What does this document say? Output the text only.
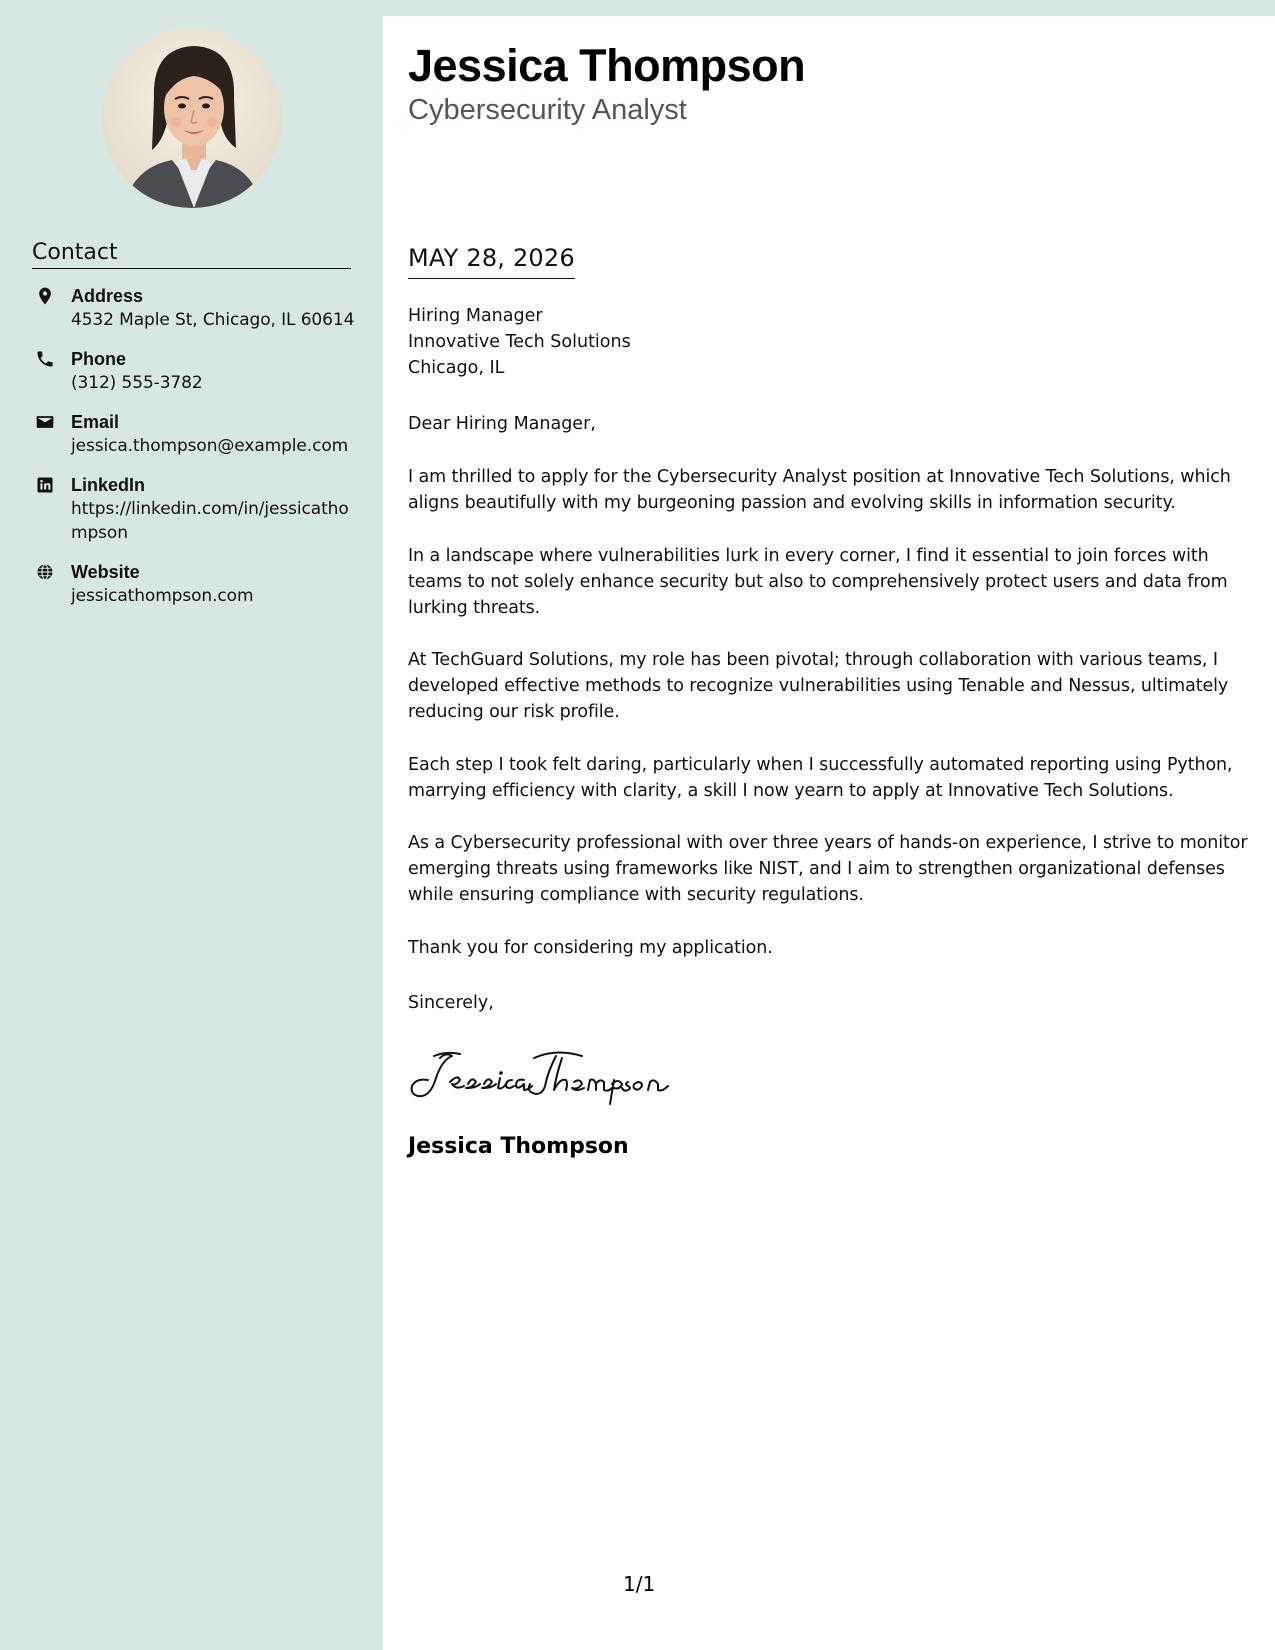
Contact
Address
4532 Maple St, Chicago, IL 60614
Phone
(312) 555-3782
Email
jessica.thompson@example.com
LinkedIn
https://linkedin.com/in/jessicathompson
Website
jessicathompson.com
Jessica Thompson
Cybersecurity Analyst
MAY 28, 2026
Hiring Manager
Innovative Tech Solutions
Chicago, IL
Dear Hiring Manager,

I am thrilled to apply for the Cybersecurity Analyst position at Innovative Tech Solutions, which aligns beautifully with my burgeoning passion and evolving skills in information security.

In a landscape where vulnerabilities lurk in every corner, I find it essential to join forces with teams to not solely enhance security but also to comprehensively protect users and data from lurking threats.

At TechGuard Solutions, my role has been pivotal; through collaboration with various teams, I developed effective methods to recognize vulnerabilities using Tenable and Nessus, ultimately reducing our risk profile.

Each step I took felt daring, particularly when I successfully automated reporting using Python, marrying efficiency with clarity, a skill I now yearn to apply at Innovative Tech Solutions.

As a Cybersecurity professional with over three years of hands-on experience, I strive to monitor emerging threats using frameworks like NIST, and I aim to strengthen organizational defenses while ensuring compliance with security regulations.

Thank you for considering my application.

Sincerely,
Jessica Thompson
1/1
